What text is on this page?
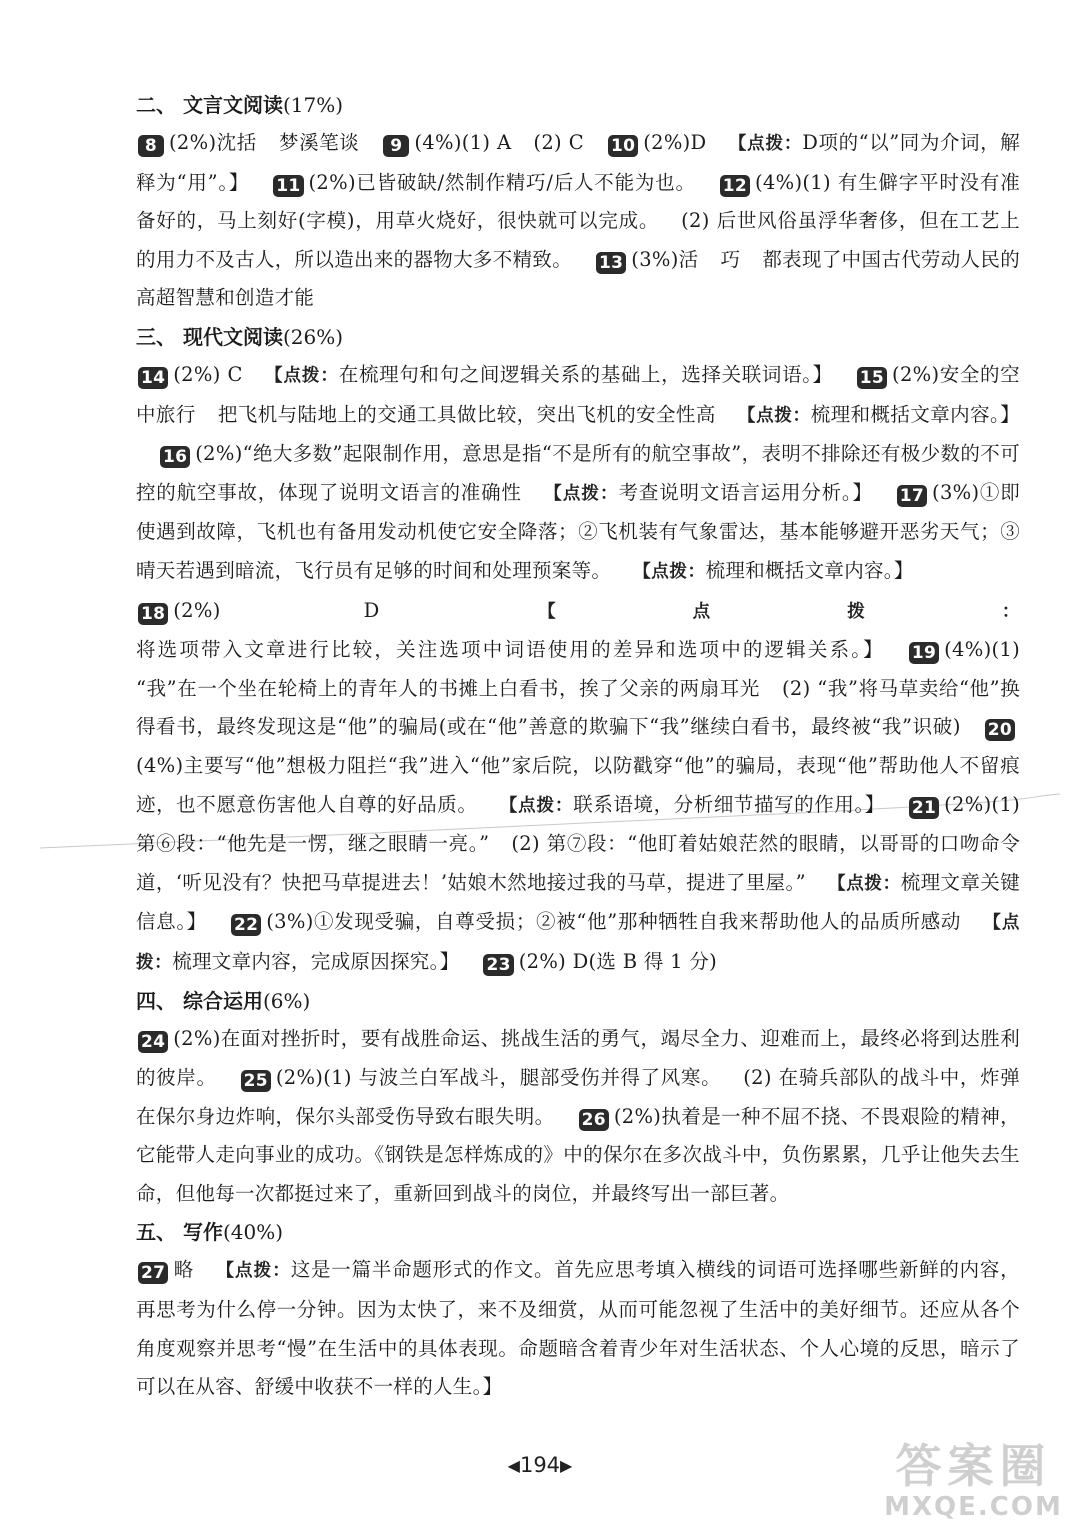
二、 文言文阅读(17%)

8 (2%)沈括 梦溪笔谈 9 (4%)(1) A (2) C 10 (2%)D 【点拨：D项的“以”同为介词，解释为“用”。】 11 (2%)已皆破缺/然制作精巧/后人不能为也。 12 (4%)(1) 有生僻字平时没有准备好的，马上刻好(字模)，用草火烧好，很快就可以完成。 (2) 后世风俗虽浮华奢侈，但在工艺上的用力不及古人，所以造出来的器物大多不精致。 13 (3%)活 巧 都表现了中国古代劳动人民的高超智慧和创造才能

三、 现代文阅读(26%)

14 (2%) C 【点拨：在梳理句和句之间逻辑关系的基础上，选择关联词语。】 15 (2%)安全的空中旅行 把飞机与陆地上的交通工具做比较，突出飞机的安全性高 【点拨：梳理和概括文章内容。】16 (2%)“绝大多数”起限制作用，意思是指“不是所有的航空事故”，表明不排除还有极少数的不可控的航空事故，体现了说明文语言的准确性 【点拨：考查说明文语言运用分析。】 17 (3%)①即使遇到故障，飞机也有备用发动机使它安全降落；②飞机装有气象雷达，基本能够避开恶劣天气；③晴天若遇到暗流，飞行员有足够的时间和处理预案等。 【点拨：梳理和概括文章内容。】

18 (2%) D 【点拨：将选项带入文章进行比较，关注选项中词语使用的差异和选项中的逻辑关系。】 19 (4%)(1) “我”在一个坐在轮椅上的青年人的书摊上白看书，挨了父亲的两扇耳光 (2) “我”将马草卖给“他”换得看书，最终发现这是“他”的骗局(或在“他”善意的欺骗下“我”继续白看书，最终被“我”识破) 20(4%)主要写“他”想极力阻拦“我”进入“他”家后院，以防戳穿“他”的骗局，表现“他”帮助他人不留痕迹，也不愿意伤害他人自尊的好品质。 【点拨：联系语境，分析细节描写的作用。】 21 (2%)(1) 第⑥段：“他先是一愣，继之眼睛一亮。” (2) 第⑦段：“他盯着姑娘茫然的眼睛，以哥哥的口吻命令道，‘听见没有？快把马草提进去！’姑娘木然地接过我的马草，提进了里屋。” 【点拨：梳理文章关键信息。】 22 (3%)①发现受骗，自尊受损；②被“他”那种牺牲自我来帮助他人的品质所感动 【点拨：梳理文章内容，完成原因探究。】 23 (2%) D(选 B 得 1 分)

四、 综合运用(6%)

24 (2%)在面对挫折时，要有战胜命运、挑战生活的勇气，竭尽全力、迎难而上，最终必将到达胜利的彼岸。 25 (2%)(1) 与波兰白军战斗，腿部受伤并得了风寒。 (2) 在骑兵部队的战斗中，炸弹在保尔身边炸响，保尔头部受伤导致右眼失明。 26 (2%)执着是一种不屈不挠、不畏艰险的精神，它能带人走向事业的成功。《钢铁是怎样炼成的》中的保尔在多次战斗中，负伤累累，几乎让他失去生命，但他每一次都挺过来了，重新回到战斗的岗位，并最终写出一部巨著。

五、 写作(40%)

27 略 【点拨：这是一篇半命题形式的作文。首先应思考填入横线的词语可选择哪些新鲜的内容，再思考为什么停一分钟。因为太快了，来不及细赏，从而可能忽视了生活中的美好细节。还应从各个角度观察并思考“慢”在生活中的具体表现。命题暗含着青少年对生活状态、个人心境的反思，暗示了可以在从容、舒缓中收获不一样的人生。】

◀194▶	答案圈
MXQE.COM
